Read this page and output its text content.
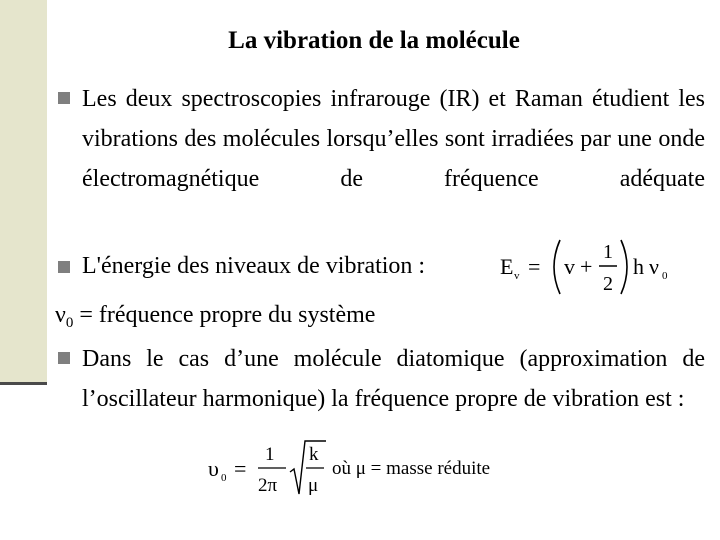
La vibration de la molécule
Les deux spectroscopies infrarouge (IR) et Raman étudient les vibrations des molécules lorsqu’elles sont irradiées par une onde électromagnétique de fréquence adéquate
L'énergie des niveaux de vibration :	E v = v +
1
2
h ν 0
$\nu_0$ = fréquence propre du système
Dans le cas d’une molécule diatomique (approximation de l’oscillateur harmonique) la fréquence propre de vibration est :
υ 0 =
1
2π
k
μ
où μ = masse réduite
